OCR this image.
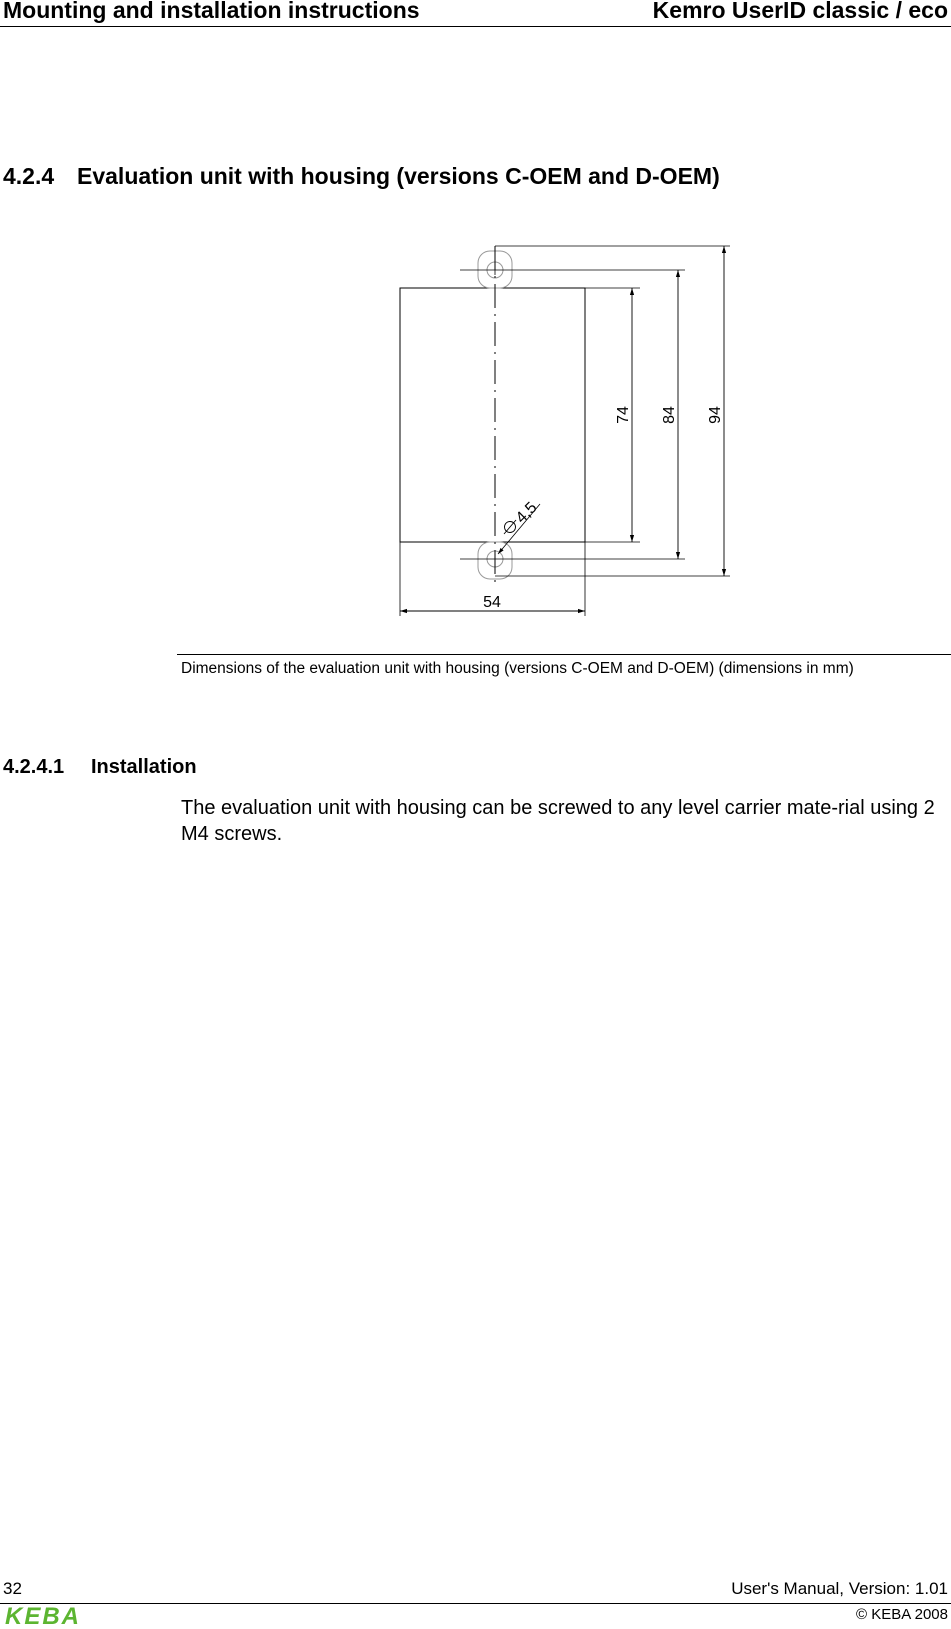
Mounting and installation instructions	Kemro UserID classic / eco
4.2.4 Evaluation unit with housing (versions C-OEM and D-OEM)
74 84 94
54
4,5
Dimensions of the evaluation unit with housing (versions C-OEM and D-OEM) (dimensions in mm)
4.2.4.1 Installation
The evaluation unit with housing can be screwed to any level carrier mate-rial using 2 M4 screws.
32	User's Manual, Version: 1.01
KEBA	© KEBA 2008
